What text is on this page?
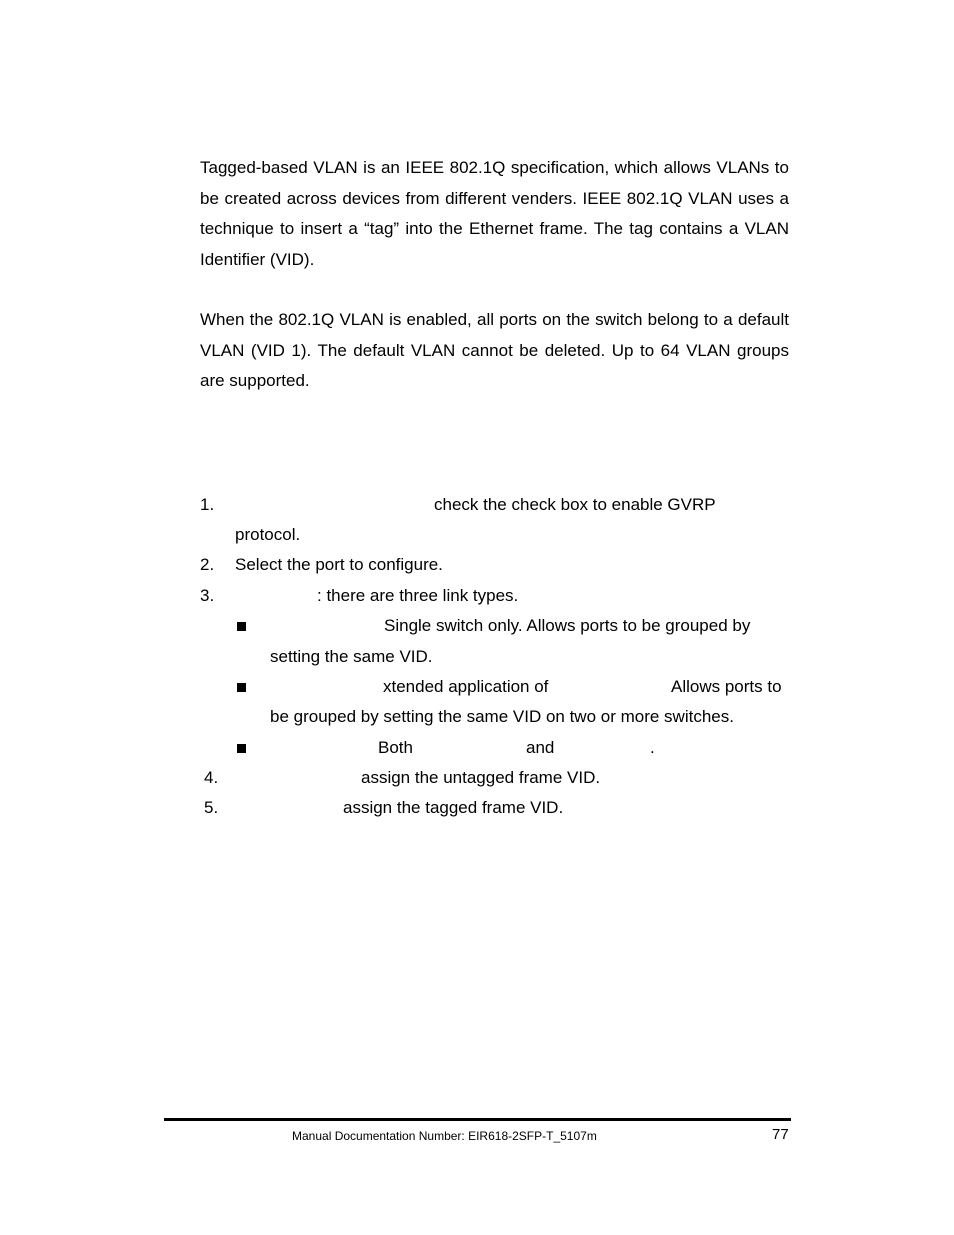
Tagged-based VLAN is an IEEE 802.1Q specification, which allows VLANs to be created across devices from different venders. IEEE 802.1Q VLAN uses a technique to insert a “tag” into the Ethernet frame. The tag contains a VLAN Identifier (VID).

When the 802.1Q VLAN is enabled, all ports on the switch belong to a default VLAN (VID 1). The default VLAN cannot be deleted. Up to 64 VLAN groups are supported.

1.	check the check box to enable GVRP
protocol.
2. Select the port to configure.
3.	: there are three link types.
Single switch only. Allows ports to be grouped by
setting the same VID.
xtended application of	Allows ports to
be grouped by setting the same VID on two or more switches.
Both	and	.
4.	assign the untagged frame VID.
5.	assign the tagged frame VID.
Manual Documentation Number: EIR618-2SFP-T_5107m	77
